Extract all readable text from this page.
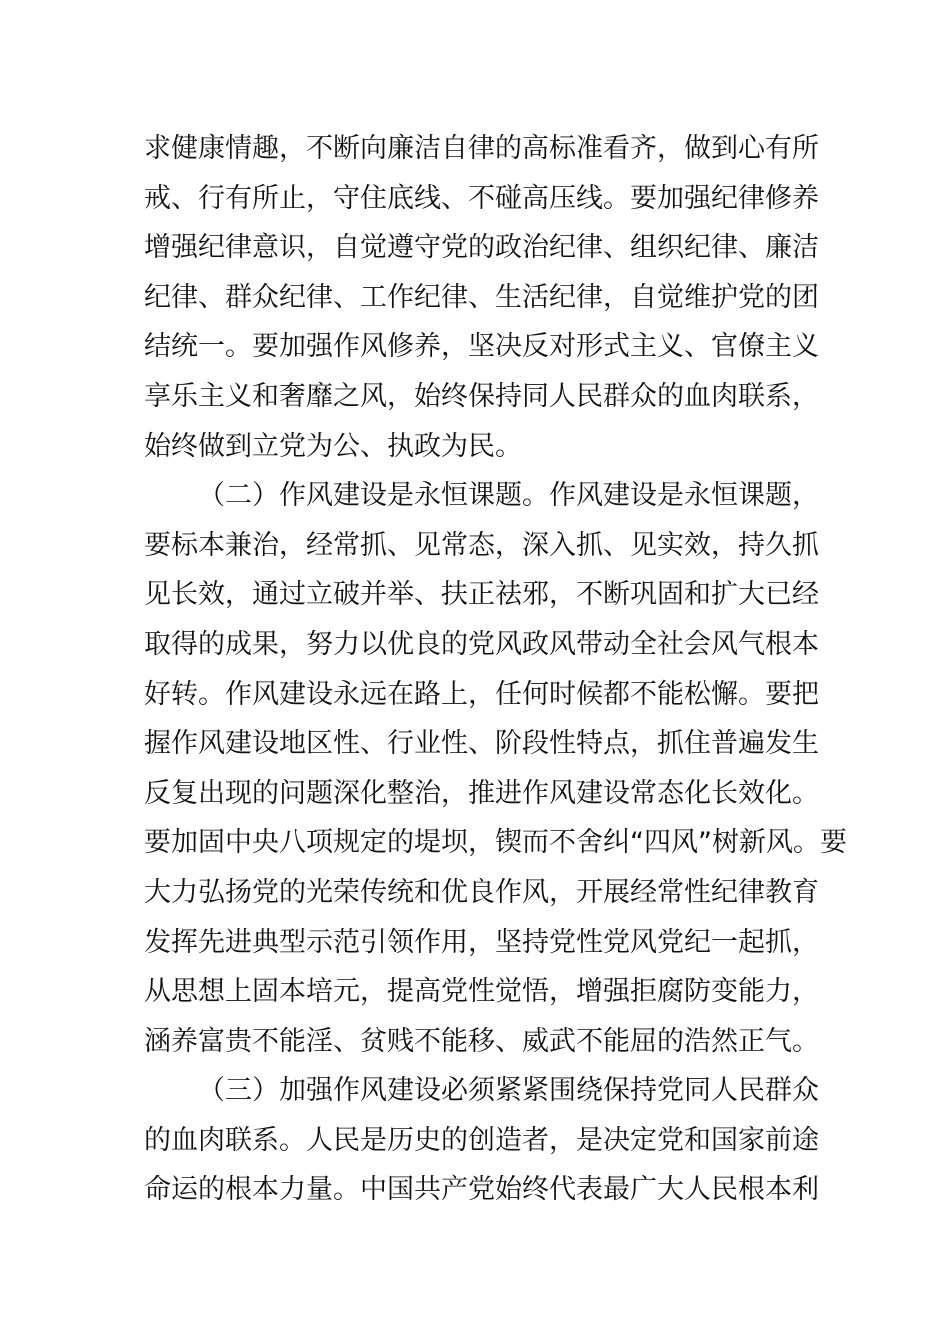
求健康情趣，不断向廉洁自律的高标准看齐，做到心有所
戒、行有所止，守住底线、不碰高压线。要加强纪律修养
增强纪律意识，自觉遵守党的政治纪律、组织纪律、廉洁
纪律、群众纪律、工作纪律、生活纪律，自觉维护党的团
结统一。要加强作风修养，坚决反对形式主义、官僚主义
享乐主义和奢靡之风，始终保持同人民群众的血肉联系，
始终做到立党为公、执政为民。
（二）作风建设是永恒课题。作风建设是永恒课题，
要标本兼治，经常抓、见常态，深入抓、见实效，持久抓
见长效，通过立破并举、扶正祛邪，不断巩固和扩大已经
取得的成果，努力以优良的党风政风带动全社会风气根本
好转。作风建设永远在路上，任何时候都不能松懈。要把
握作风建设地区性、行业性、阶段性特点，抓住普遍发生
反复出现的问题深化整治，推进作风建设常态化长效化。
要加固中央八项规定的堤坝，锲而不舍纠“四风”树新风。要
大力弘扬党的光荣传统和优良作风，开展经常性纪律教育
发挥先进典型示范引领作用，坚持党性党风党纪一起抓，
从思想上固本培元，提高党性觉悟，增强拒腐防变能力，
涵养富贵不能淫、贫贱不能移、威武不能屈的浩然正气。
（三）加强作风建设必须紧紧围绕保持党同人民群众
的血肉联系。人民是历史的创造者，是决定党和国家前途
命运的根本力量。中国共产党始终代表最广大人民根本利
